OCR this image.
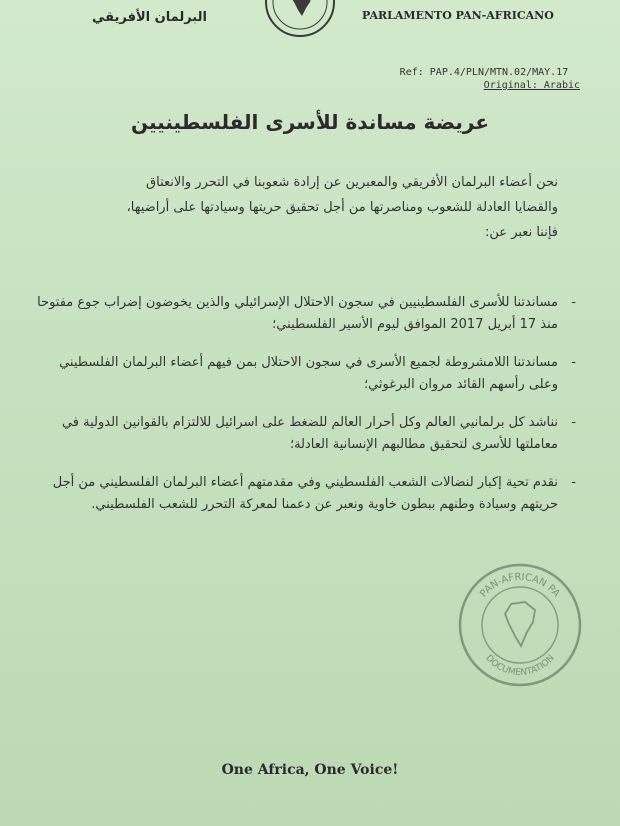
البرلمان الأفريقي	PARLAMENTO PAN-AFRICANO
Ref: PAP.4/PLN/MTN.02/MAY.17
Original: Arabic
عريضة مساندة للأسرى الفلسطينيين

نحن أعضاء البرلمان الأفريقي والمعبرين عن إرادة شعوبنا في التحرر والانعتاق

والقضايا العادلة للشعوب ومناصرتها من أجل تحقيق حريتها وسيادتها على أراضيها،

فإننا نعبر عن:

- مساندتنا للأسرى الفلسطينيين في سجون الاحتلال الإسرائيلي والذين يخوضون إضراب جوع مفتوحا منذ 17 أبريل 2017 الموافق ليوم الأسير الفلسطيني؛
- مساندتنا اللامشروطة لجميع الأسرى في سجون الاحتلال بمن فيهم أعضاء البرلمان الفلسطيني وعلى رأسهم القائد مروان البرغوثي؛
- نناشد كل برلمانيي العالم وكل أحرار العالم للضغط على اسرائيل للالتزام بالقوانين الدولية في معاملتها للأسرى لتحقيق مطالبهم الإنسانية العادلة؛
- نقدم تحية إكبار لنضالات الشعب الفلسطيني وفي مقدمتهم أعضاء البرلمان الفلسطيني من أجل حريتهم وسيادة وطنهم ببطون خاوية ونعبر عن دعمنا لمعركة التحرر للشعب الفلسطيني.
PAN-AFRICAN PA
DOCUMENTATION
One Africa, One Voice!
